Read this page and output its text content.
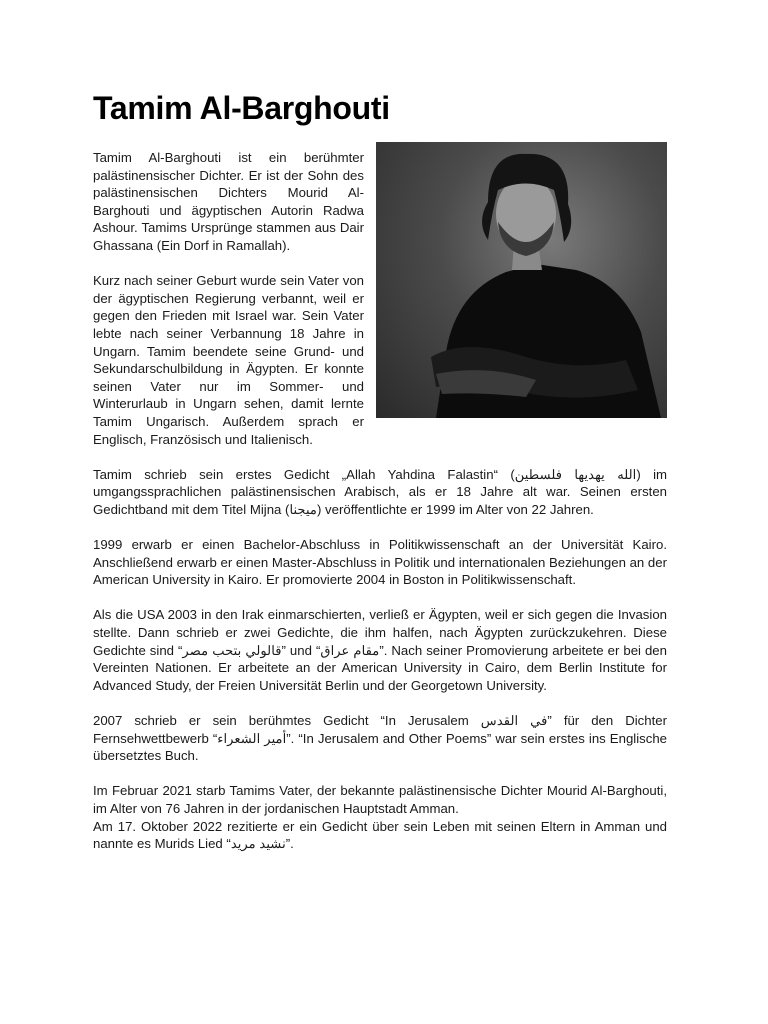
Tamim Al-Barghouti

Tamim Al-Barghouti ist ein berühmter palästinensischer Dichter. Er ist der Sohn des palästinensischen Dichters Mourid Al-Barghouti und ägyptischen Autorin Radwa Ashour. Tamims Ursprünge stammen aus Dair Ghassana (Ein Dorf in Ramallah).

Kurz nach seiner Geburt wurde sein Vater von der ägyptischen Regierung verbannt, weil er gegen den Frieden mit Israel war. Sein Vater lebte nach seiner Verbannung 18 Jahre in Ungarn. Tamim beendete seine Grund- und Sekundarschulbildung in Ägypten. Er konnte seinen Vater nur im Sommer- und Winterurlaub in Ungarn sehen, damit lernte Tamim Ungarisch. Außerdem sprach er Englisch, Französisch und Italienisch.

Tamim schrieb sein erstes Gedicht „Allah Yahdina Falastin“ (الله يهديها فلسطين) im umgangssprachlichen palästinensischen Arabisch, als er 18 Jahre alt war. Seinen ersten Gedichtband mit dem Titel Mijna (ميجنا) veröffentlichte er 1999 im Alter von 22 Jahren.

1999 erwarb er einen Bachelor-Abschluss in Politikwissenschaft an der Universität Kairo. Anschließend erwarb er einen Master-Abschluss in Politik und internationalen Beziehungen an der American University in Kairo. Er promovierte 2004 in Boston in Politikwissenschaft.

Als die USA 2003 in den Irak einmarschierten, verließ er Ägypten, weil er sich gegen die Invasion stellte. Dann schrieb er zwei Gedichte, die ihm halfen, nach Ägypten zurückzukehren. Diese Gedichte sind “قالولي بتحب مصر” und “مقام عراق”. Nach seiner Promovierung arbeitete er bei den Vereinten Nationen. Er arbeitete an der American University in Cairo, dem Berlin Institute for Advanced Study, der Freien Universität Berlin und der Georgetown University.

2007 schrieb er sein berühmtes Gedicht “In Jerusalem في القدس” für den Dichter Fernsehwettbewerb “أمير الشعراء”. “In Jerusalem and Other Poems” war sein erstes ins Englische übersetztes Buch.

Im Februar 2021 starb Tamims Vater, der bekannte palästinensische Dichter Mourid Al-Barghouti, im Alter von 76 Jahren in der jordanischen Hauptstadt Amman.

Am 17. Oktober 2022 rezitierte er ein Gedicht über sein Leben mit seinen Eltern in Amman und nannte es Murids Lied “نشيد مريد”.
